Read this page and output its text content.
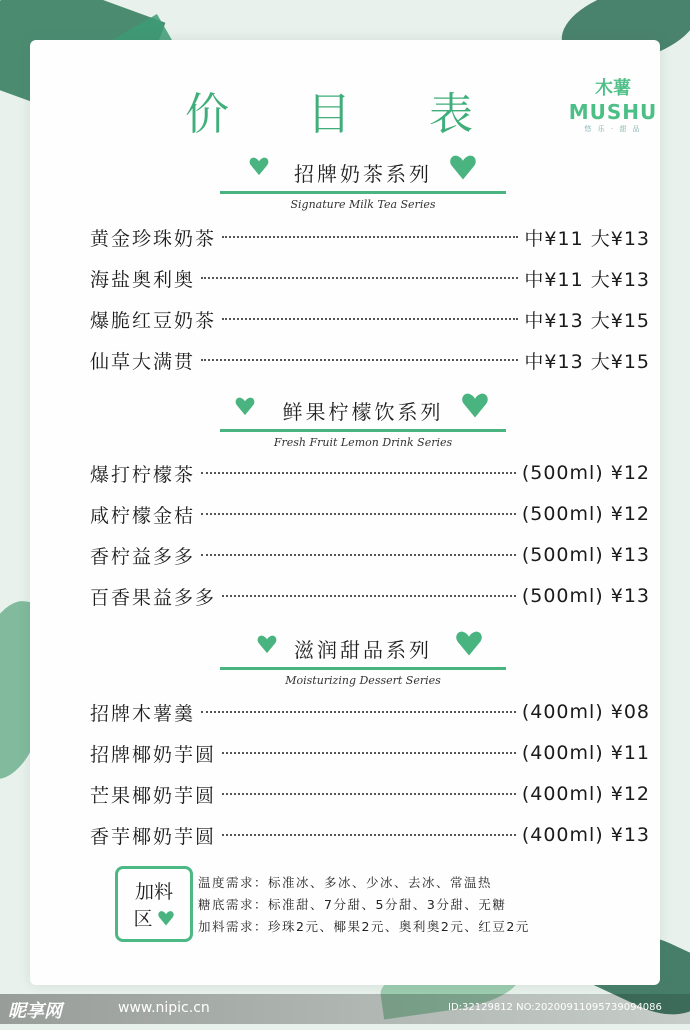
价 目 表
木薯
MUSHU
悠 乐 · 甜 品
招牌奶茶系列
Signature Milk Tea Series
黄金珍珠奶茶	中¥11 大¥13
海盐奥利奥	中¥11 大¥13
爆脆红豆奶茶	中¥13 大¥15
仙草大满贯	中¥13 大¥15
鲜果柠檬饮系列
Fresh Fruit Lemon Drink Series
爆打柠檬茶	(500ml) ¥12
咸柠檬金桔	(500ml) ¥12
香柠益多多	(500ml) ¥13
百香果益多多	(500ml) ¥13
滋润甜品系列
Moisturizing Dessert Series
招牌木薯羹	(400ml) ¥08
招牌椰奶芋圆	(400ml) ¥11
芒果椰奶芋圆	(400ml) ¥12
香芋椰奶芋圆	(400ml) ¥13
加料
区
温度需求：标准冰、多冰、少冰、去冰、常温热
糖底需求：标准甜、7分甜、5分甜、3分甜、无糖
加料需求：珍珠2元、椰果2元、奥利奥2元、红豆2元
昵享网	www.nipic.cn	ID:32129812 NO:20200911095739094086
